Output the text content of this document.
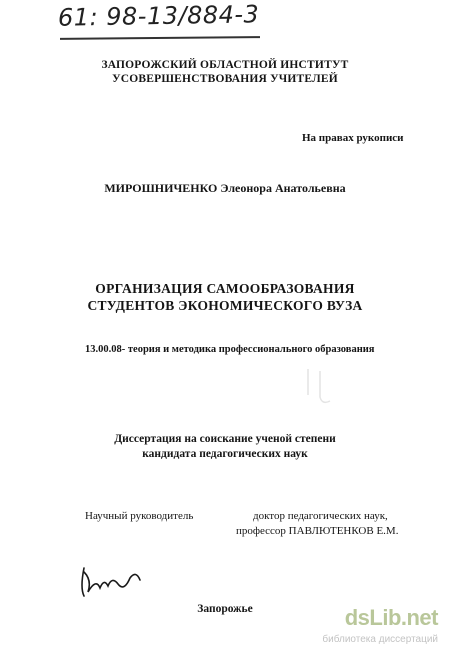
61: 98-13/884-3
ЗАПОРОЖСКИЙ ОБЛАСТНОЙ ИНСТИТУТ
УСОВЕРШЕНСТВОВАНИЯ УЧИТЕЛЕЙ
На правах рукописи
МИРОШНИЧЕНКО Элеонора Анатольевна
ОРГАНИЗАЦИЯ САМООБРАЗОВАНИЯ
СТУДЕНТОВ ЭКОНОМИЧЕСКОГО ВУЗА
13.00.08- теория и методика профессионального образования
Диссертация на соискание ученой степени
кандидата педагогических наук
Научный руководитель	доктор педагогических наук,
профессор ПАВЛЮТЕНКОВ Е.М.
Запорожье	dsLib.net
библиотека диссертаций
